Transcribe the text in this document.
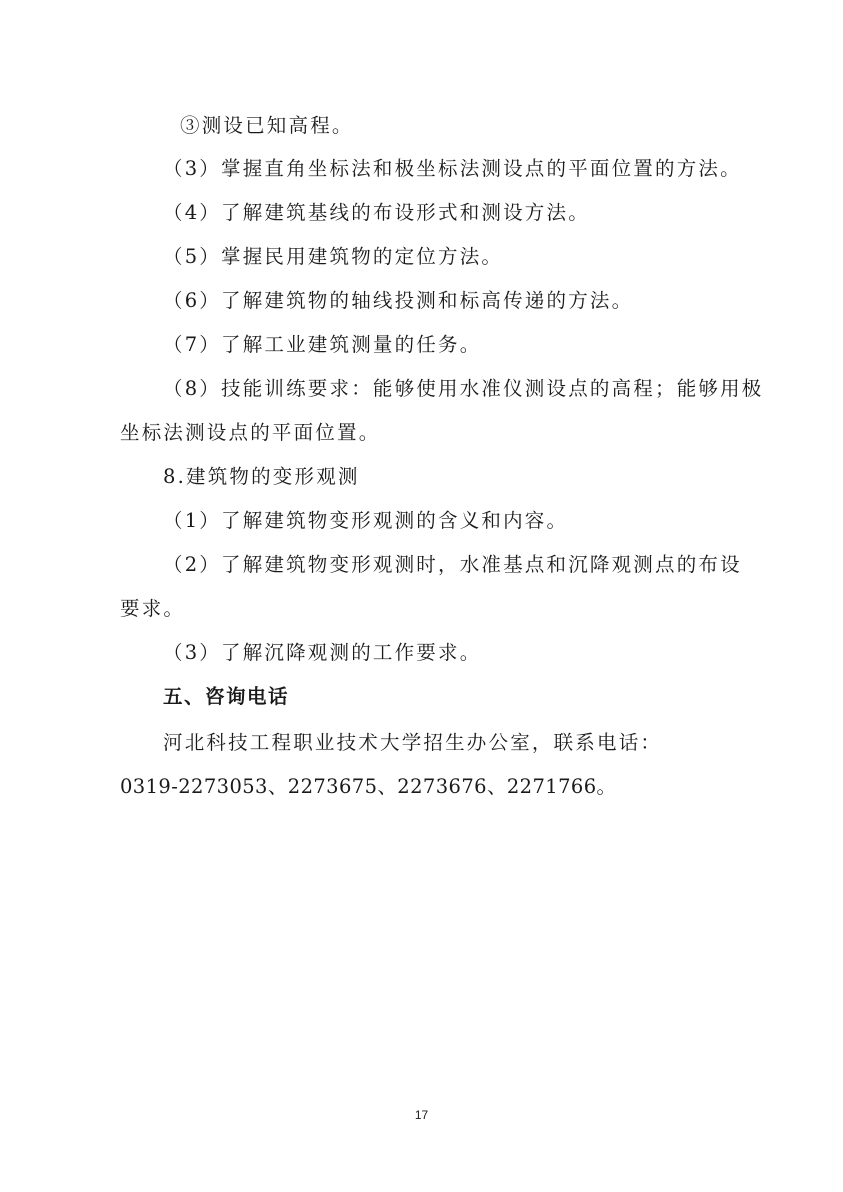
③测设已知高程。
（3）掌握直角坐标法和极坐标法测设点的平面位置的方法。
（4）了解建筑基线的布设形式和测设方法。
（5）掌握民用建筑物的定位方法。
（6）了解建筑物的轴线投测和标高传递的方法。
（7）了解工业建筑测量的任务。
（8）技能训练要求：能够使用水准仪测设点的高程；能够用极
坐标法测设点的平面位置。
8.建筑物的变形观测
（1）了解建筑物变形观测的含义和内容。
（2）了解建筑物变形观测时，水准基点和沉降观测点的布设
要求。
（3）了解沉降观测的工作要求。
五、咨询电话
河北科技工程职业技术大学招生办公室，联系电话：
0319-2273053、2273675、2273676、2271766。
17
